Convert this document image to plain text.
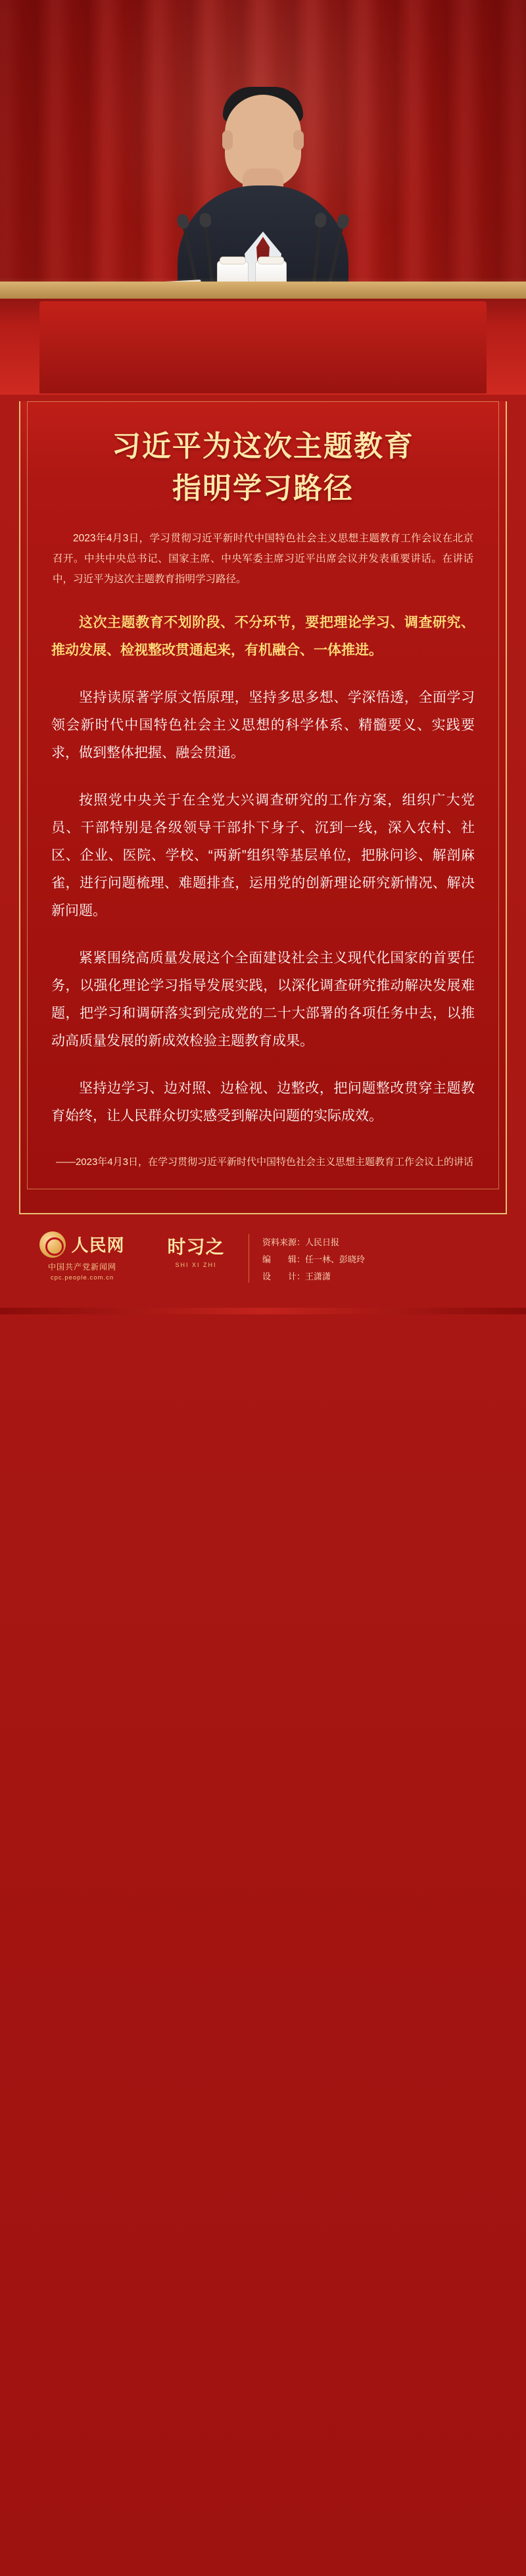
习近平为这次主题教育
指明学习路径
2023年4月3日，学习贯彻习近平新时代中国特色社会主义思想主题教育工作会议在北京召开。中共中央总书记、国家主席、中央军委主席习近平出席会议并发表重要讲话。在讲话中，习近平为这次主题教育指明学习路径。

这次主题教育不划阶段、不分环节，要把理论学习、调查研究、推动发展、检视整改贯通起来，有机融合、一体推进。

坚持读原著学原文悟原理，坚持多思多想、学深悟透，全面学习领会新时代中国特色社会主义思想的科学体系、精髓要义、实践要求，做到整体把握、融会贯通。

按照党中央关于在全党大兴调查研究的工作方案，组织广大党员、干部特别是各级领导干部扑下身子、沉到一线，深入农村、社区、企业、医院、学校、“两新”组织等基层单位，把脉问诊、解剖麻雀，进行问题梳理、难题排查，运用党的创新理论研究新情况、解决新问题。

紧紧围绕高质量发展这个全面建设社会主义现代化国家的首要任务，以强化理论学习指导发展实践，以深化调查研究推动解决发展难题，把学习和调研落实到完成党的二十大部署的各项任务中去，以推动高质量发展的新成效检验主题教育成果。

坚持边学习、边对照、边检视、边整改，把问题整改贯穿主题教育始终，让人民群众切实感受到解决问题的实际成效。

——2023年4月3日，在学习贯彻习近平新时代中国特色社会主义思想主题教育工作会议上的讲话
人民网
中国共产党新闻网
cpc.people.com.cn
时习之
SHI XI ZHI
资料来源：人民日报
编　　辑：任一林、彭晓玲
设　　计：王潇潇
